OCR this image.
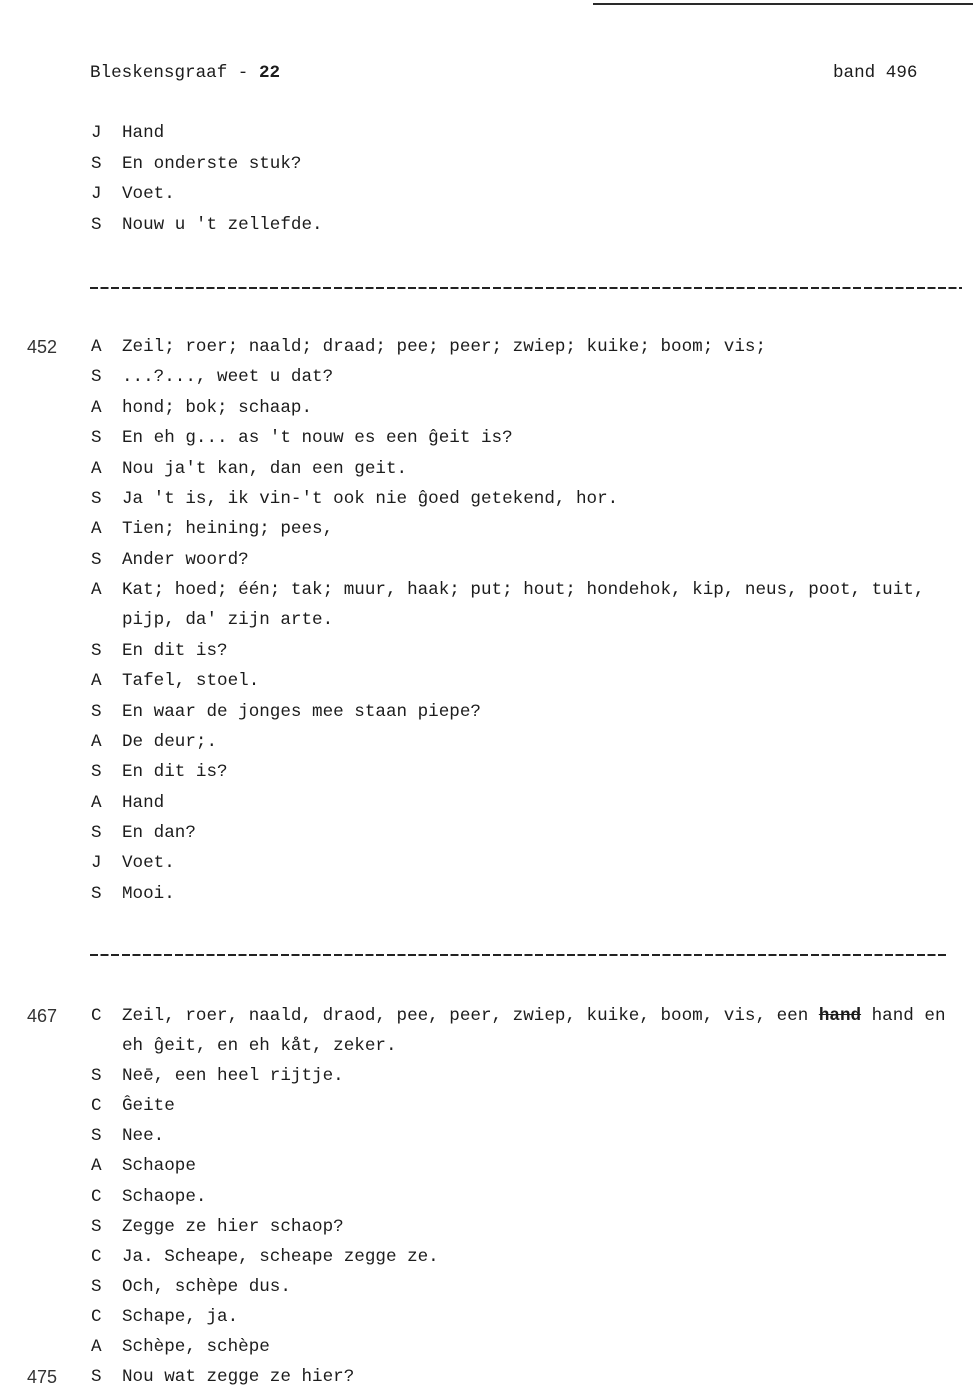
Bleskensgraaf - 22	band 496
J Hand
S En onderste stuk?
J Voet.
S Nouw u 't zellefde.
452 A Zeil; roer; naald; draad; pee; peer; zwiep; kuike; boom; vis;
S ...?..., weet u dat?
A hond; bok; schaap.
S En eh g... as 't nouw es een ĝeit is?
A Nou ja't kan, dan een geit.
S Ja 't is, ik vin-'t ook nie ĝoed getekend, hor.
A Tien; heining; pees,
S Ander woord?
A Kat; hoed; één; tak; muur, haak; put; hout; hondehok, kip, neus, poot, tuit,
pijp, da' zijn arte.
S En dit is?
A Tafel, stoel.
S En waar de jonges mee staan piepe?
A De deur;.
S En dit is?
A Hand
S En dan?
J Voet.
S Mooi.
467 C Zeil, roer, naald, draod, pee, peer, zwiep, kuike, boom, vis, een hand hand en
eh ĝeit, en eh kåt, zeker.
S Neē, een heel rijtje.
C Ĝeite
S Nee.
A Schaope
C Schaope.
S Zegge ze hier schaop?
C Ja. Scheape, scheape zegge ze.
S Och, schèpe dus.
C Schape, ja.
A Schèpe, schèpe
475 S Nou wat zegge ze hier?
